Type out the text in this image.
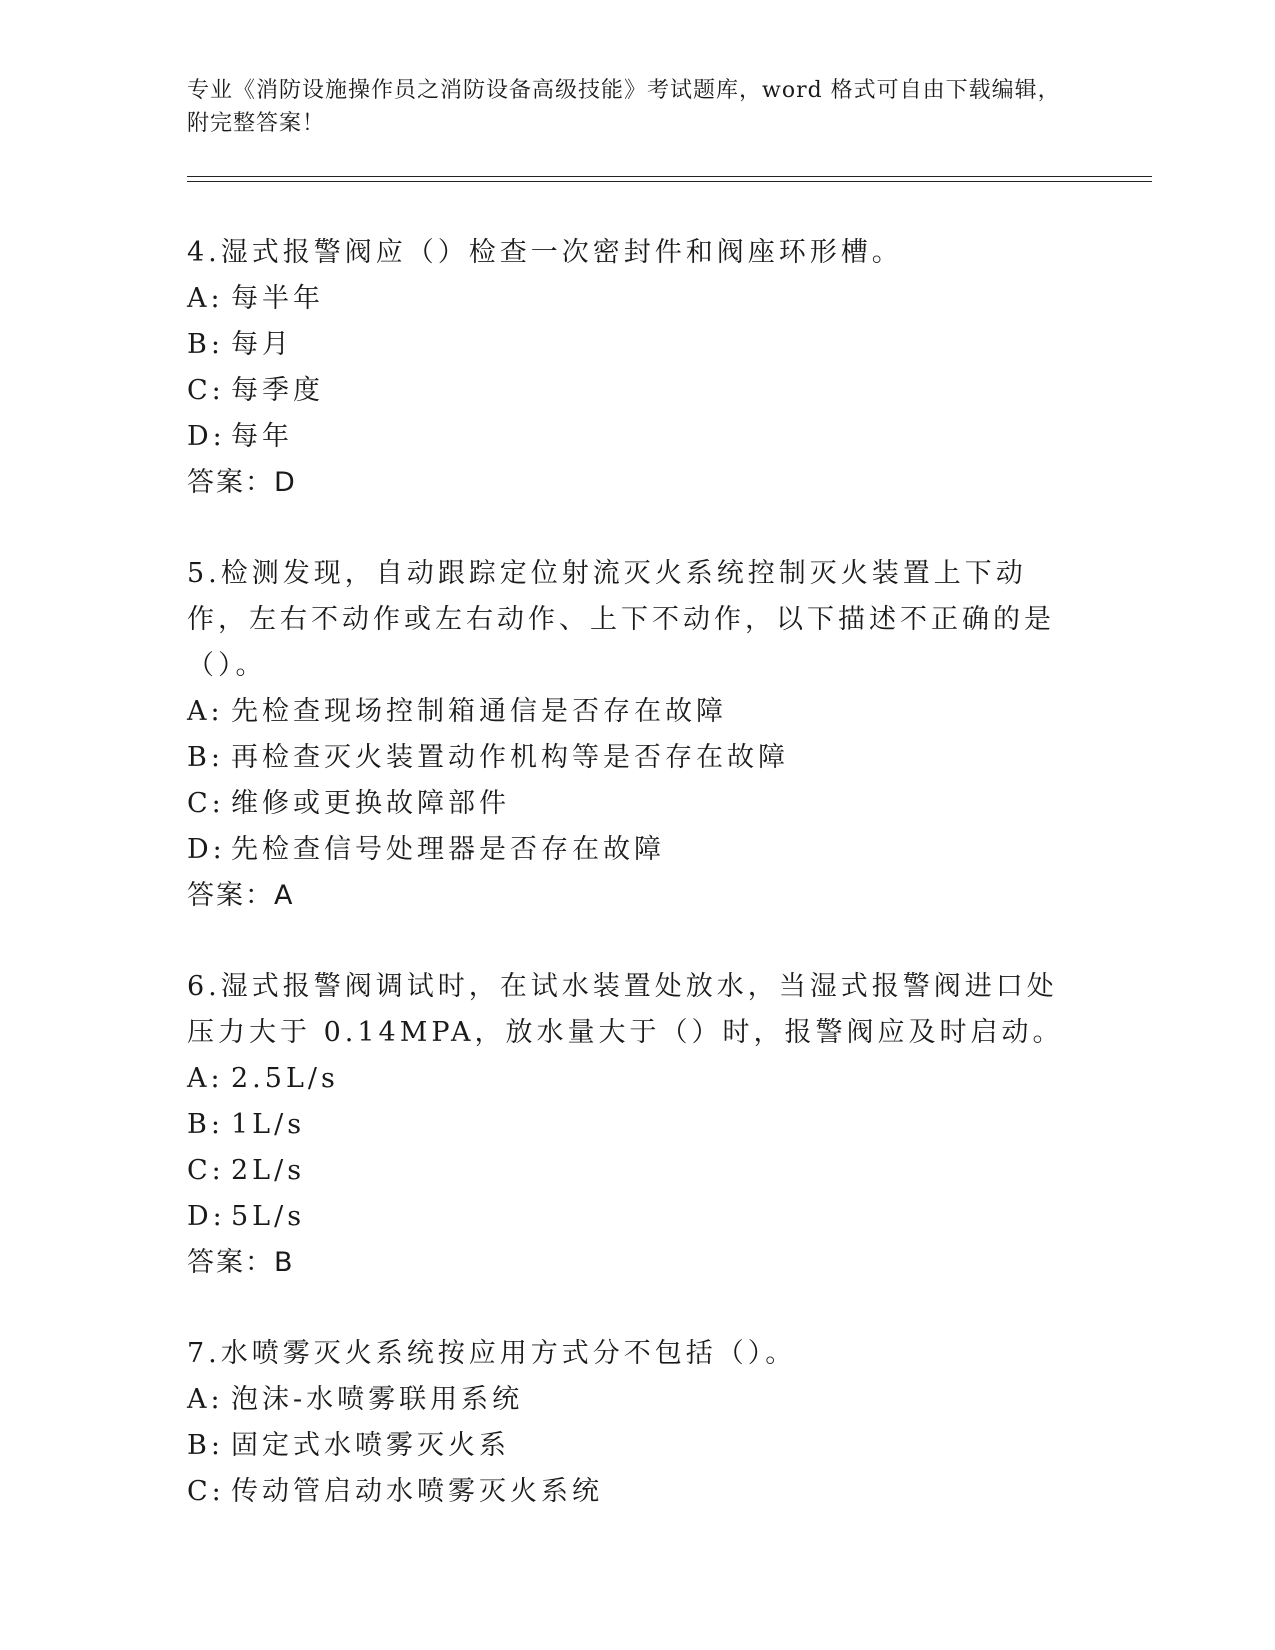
专业《消防设施操作员之消防设备高级技能》考试题库，word 格式可自由下载编辑，附完整答案！
4.湿式报警阀应（）检查一次密封件和阀座环形槽。
A: 每半年
B: 每月
C: 每季度
D: 每年
答案：D
5.检测发现，自动跟踪定位射流灭火系统控制灭火装置上下动作，左右不动作或左右动作、上下不动作，以下描述不正确的是（）。
A: 先检查现场控制箱通信是否存在故障
B: 再检查灭火装置动作机构等是否存在故障
C: 维修或更换故障部件
D: 先检查信号处理器是否存在故障
答案：A
6.湿式报警阀调试时，在试水装置处放水，当湿式报警阀进口处压力大于 0.14MPA，放水量大于（）时，报警阀应及时启动。
A: 2.5L/s
B: 1L/s
C: 2L/s
D: 5L/s
答案：B
7.水喷雾灭火系统按应用方式分不包括（）。
A: 泡沫-水喷雾联用系统
B: 固定式水喷雾灭火系
C: 传动管启动水喷雾灭火系统
